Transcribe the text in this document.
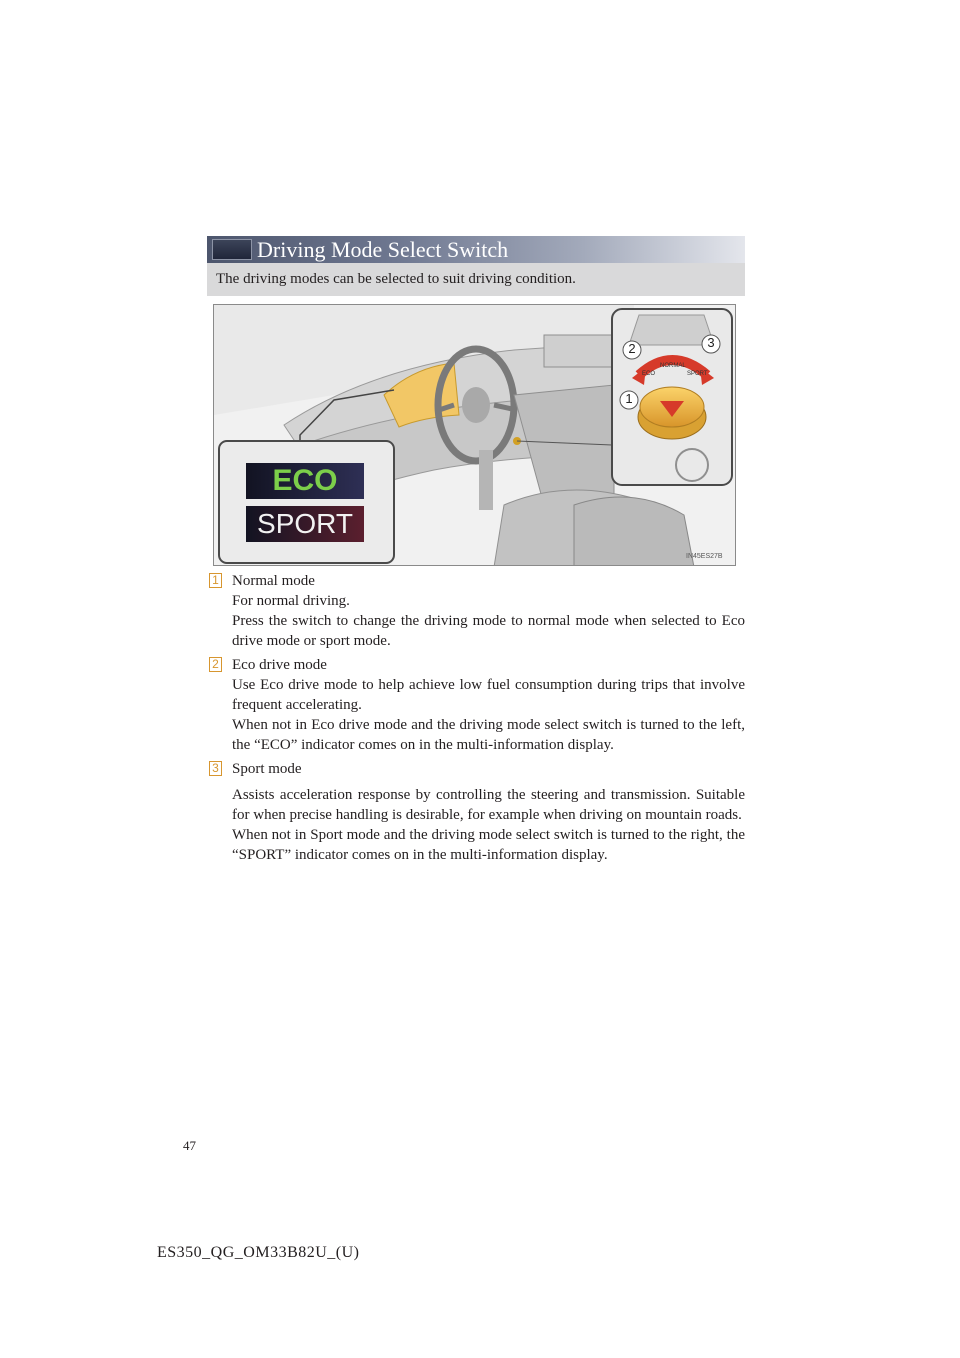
Driving Mode Select Switch
The driving modes can be selected to suit driving condition.
ECO
SPORT
2	3
1
ECO
NORMAL
SPORT
IN45ES27B
1 Normal mode

For normal driving.

Press the switch to change the driving mode to normal mode when selected to Eco drive mode or sport mode.

2 Eco drive mode

Use Eco drive mode to help achieve low fuel consumption during trips that involve frequent accelerating.

When not in Eco drive mode and the driving mode select switch is turned to the left, the “ECO” indicator comes on in the multi-information display.

3 Sport mode

Assists acceleration response by controlling the steering and transmission. Suitable for when precise handling is desirable, for example when driving on mountain roads.

When not in Sport mode and the driving mode select switch is turned to the right, the “SPORT” indicator comes on in the multi-information display.

47
ES350_QG_OM33B82U_(U)
